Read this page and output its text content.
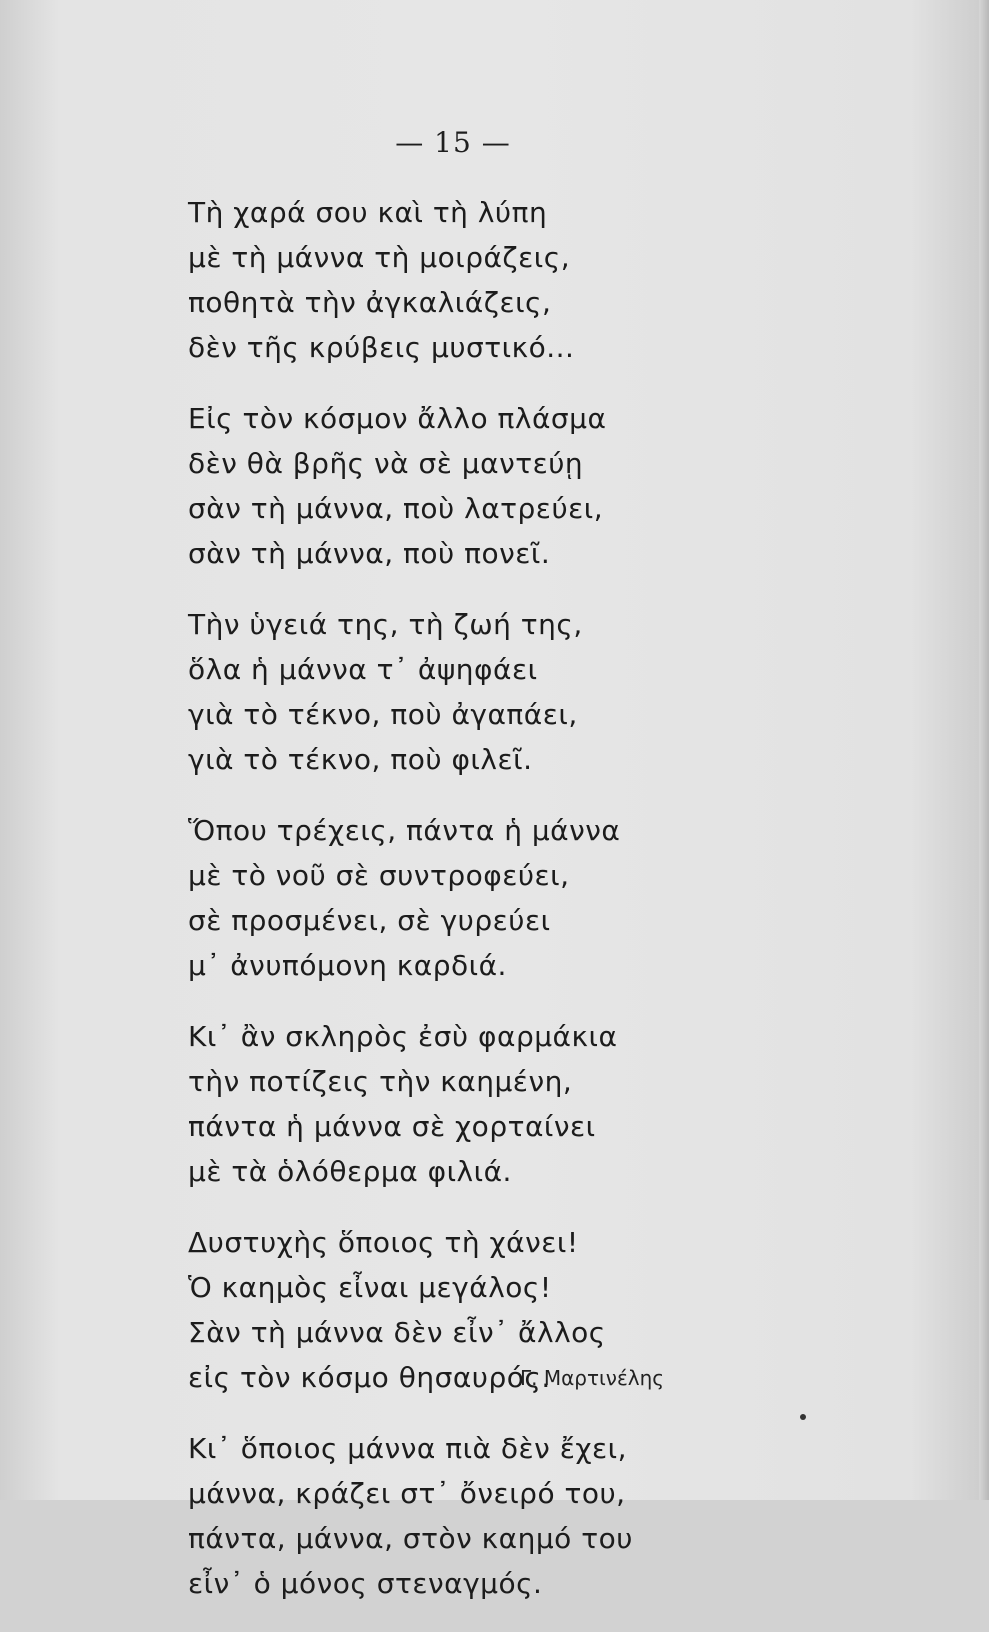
— 15 —
Τὴ χαρά σου καὶ τὴ λύπη
μὲ τὴ μάννα τὴ μοιράζεις,
ποθητὰ τὴν ἀγκαλιάζεις,
δὲν τῆς κρύβεις μυστικό...
Εἰς τὸν κόσμον ἄλλο πλάσμα
δὲν θὰ βρῆς νὰ σὲ μαντεύῃ
σὰν τὴ μάννα, ποὺ λατρεύει,
σὰν τὴ μάννα, ποὺ πονεῖ.
Τὴν ὑγειά της, τὴ ζωή της,
ὅλα ἡ μάννα τ᾽ ἀψηφάει
γιὰ τὸ τέκνο, ποὺ ἀγαπάει,
γιὰ τὸ τέκνο, ποὺ φιλεῖ.
Ὅπου τρέχεις, πάντα ἡ μάννα
μὲ τὸ νοῦ σὲ συντροφεύει,
σὲ προσμένει, σὲ γυρεύει
μ᾽ ἀνυπόμονη καρδιά.
Κι᾽ ἂν σκληρὸς ἐσὺ φαρμάκια
τὴν ποτίζεις τὴν καημένη,
πάντα ἡ μάννα σὲ χορταίνει
μὲ τὰ ὁλόθερμα φιλιά.
Δυστυχὴς ὅποιος τὴ χάνει!
Ὁ καημὸς εἶναι μεγάλος!
Σὰν τὴ μάννα δὲν εἶν᾽ ἄλλος
εἰς τὸν κόσμο θησαυρός.
Κι᾽ ὅποιος μάννα πιὰ δὲν ἔχει,
μάννα, κράζει στ᾽ ὄνειρό του,
πάντα, μάννα, στὸν καημό του
εἶν᾽ ὁ μόνος στεναγμός.
Γ. Μαρτινέλης
